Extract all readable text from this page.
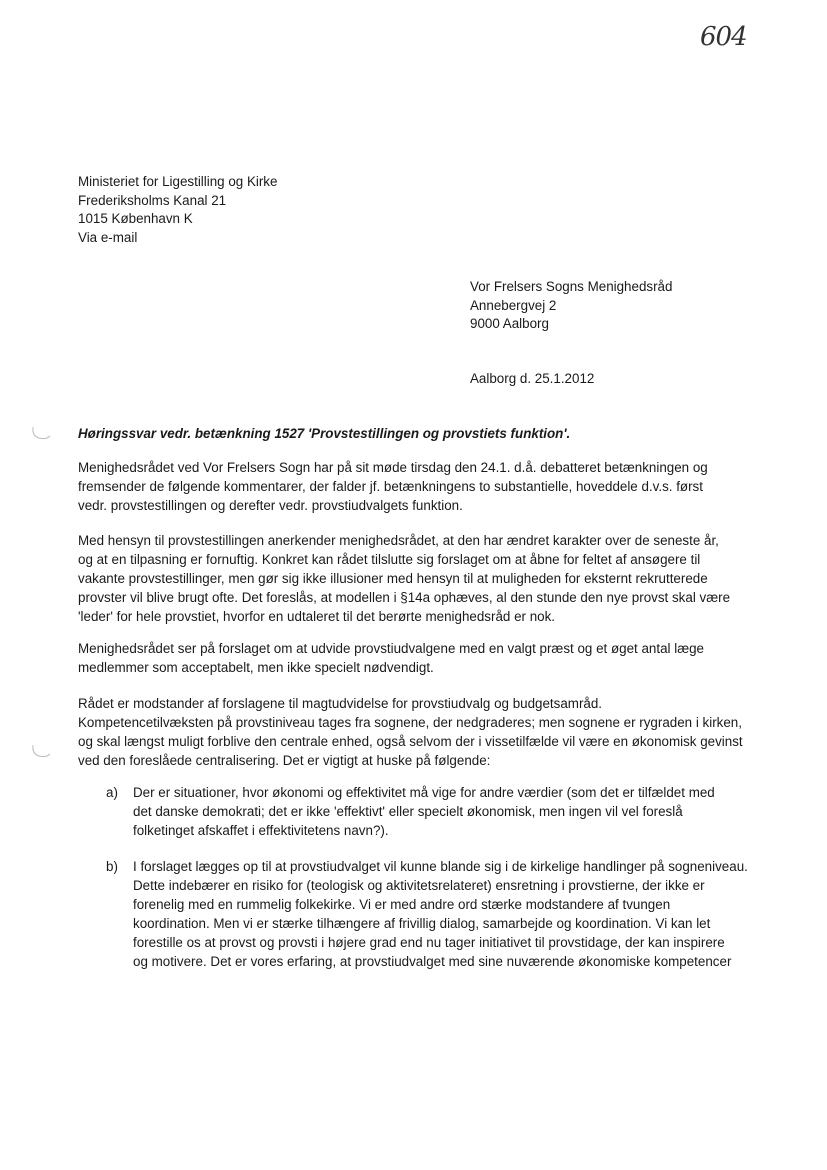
604
Ministeriet for Ligestilling og Kirke
Frederiksholms Kanal 21
1015 København K
Via e-mail
Vor Frelsers Sogns Menighedsråd
Annebergvej 2
9000 Aalborg
Aalborg d. 25.1.2012
Høringssvar vedr. betænkning 1527 'Provstestillingen og provstiets funktion'.
Menighedsrådet ved Vor Frelsers Sogn har på sit møde tirsdag den 24.1. d.å. debatteret betænkningen og
fremsender de følgende kommentarer, der falder jf. betænkningens to substantielle, hoveddele d.v.s. først
vedr. provstestillingen og derefter vedr. provstiudvalgets funktion.
Med hensyn til provstestillingen anerkender menighedsrådet, at den har ændret karakter over de seneste år,
og at en tilpasning er fornuftig. Konkret kan rådet tilslutte sig forslaget om at åbne for feltet af ansøgere til
vakante provstestillinger, men gør sig ikke illusioner med hensyn til at muligheden for eksternt rekrutterede
provster vil blive brugt ofte. Det foreslås, at modellen i §14a ophæves, al den stunde den nye provst skal være
'leder' for hele provstiet, hvorfor en udtaleret til det berørte menighedsråd er nok.
Menighedsrådet ser på forslaget om at udvide provstiudvalgene med en valgt præst og et øget antal læge
medlemmer som acceptabelt, men ikke specielt nødvendigt.
Rådet er modstander af forslagene til magtudvidelse for provstiudvalg og budgetsamråd.
Kompetencetilvæksten på provstiniveau tages fra sognene, der nedgraderes; men sognene er rygraden i kirken,
og skal længst muligt forblive den centrale enhed, også selvom der i vissetilfælde vil være en økonomisk gevinst
ved den foreslåede centralisering. Det er vigtigt at huske på følgende:
a)	Der er situationer, hvor økonomi og effektivitet må vige for andre værdier (som det er tilfældet med
det danske demokrati; det er ikke 'effektivt' eller specielt økonomisk, men ingen vil vel foreslå
folketinget afskaffet i effektivitetens navn?).
b)	I forslaget lægges op til at provstiudvalget vil kunne blande sig i de kirkelige handlinger på sogneniveau.
Dette indebærer en risiko for (teologisk og aktivitetsrelateret) ensretning i provstierne, der ikke er
forenelig med en rummelig folkekirke. Vi er med andre ord stærke modstandere af tvungen
koordination. Men vi er stærke tilhængere af frivillig dialog, samarbejde og koordination. Vi kan let
forestille os at provst og provsti i højere grad end nu tager initiativet til provstidage, der kan inspirere
og motivere. Det er vores erfaring, at provstiudvalget med sine nuværende økonomiske kompetencer
